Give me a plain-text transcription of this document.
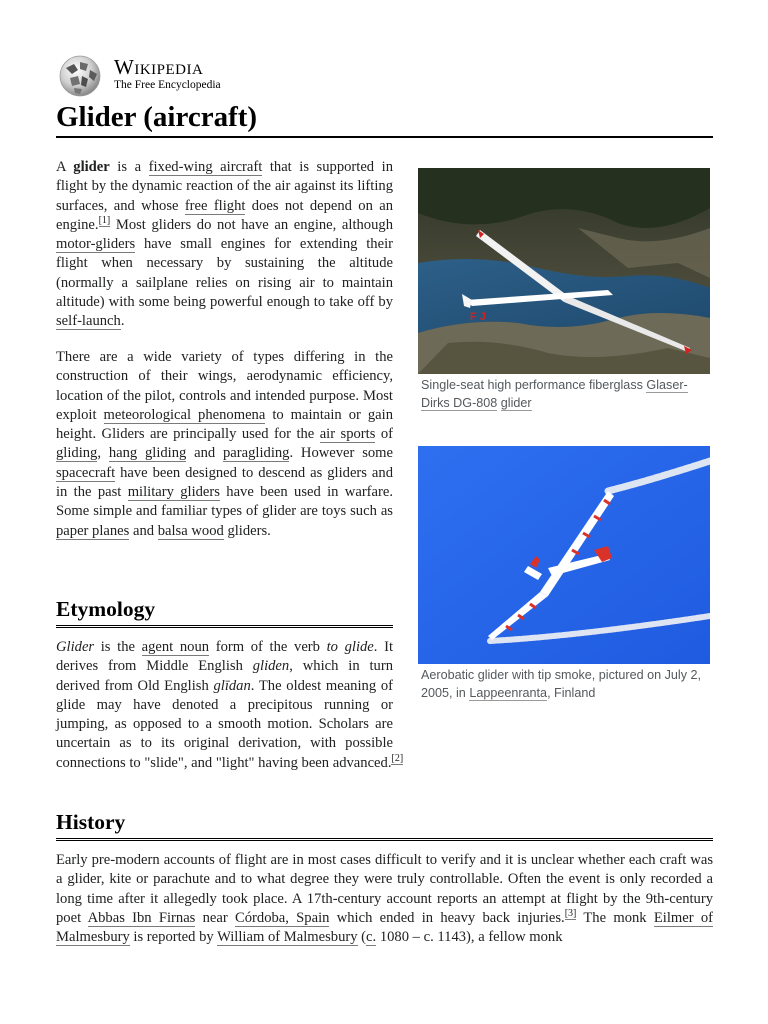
Wikipedia
The Free Encyclopedia
Glider (aircraft)

A glider is a fixed-wing aircraft that is supported in flight by the dynamic reaction of the air against its lifting surfaces, and whose free flight does not depend on an engine.[1] Most gliders do not have an engine, although motor-gliders have small engines for extending their flight when necessary by sustaining the altitude (normally a sailplane relies on rising air to maintain altitude) with some being powerful enough to take off by self-launch.

There are a wide variety of types differing in the construction of their wings, aerodynamic efficiency, location of the pilot, controls and intended purpose. Most exploit meteorological phenomena to maintain or gain height. Gliders are principally used for the air sports of gliding, hang gliding and paragliding. However some spacecraft have been designed to descend as gliders and in the past military gliders have been used in warfare. Some simple and familiar types of glider are toys such as paper planes and balsa wood gliders.

Etymology

Glider is the agent noun form of the verb to glide. It derives from Middle English gliden, which in turn derived from Old English glīdan. The oldest meaning of glide may have denoted a precipitous running or jumping, as opposed to a smooth motion. Scholars are uncertain as to its original derivation, with possible connections to "slide", and "light" having been advanced.[2]

History

Early pre-modern accounts of flight are in most cases difficult to verify and it is unclear whether each craft was a glider, kite or parachute and to what degree they were truly controllable. Often the event is only recorded a long time after it allegedly took place. A 17th-century account reports an attempt at flight by the 9th-century poet Abbas Ibn Firnas near Córdoba, Spain which ended in heavy back injuries.[3] The monk Eilmer of Malmesbury is reported by William of Malmesbury (c. 1080 – c. 1143), a fellow monk

F J
Single-seat high performance fiberglass Glaser-Dirks DG-808 glider
Aerobatic glider with tip smoke, pictured on July 2, 2005, in Lappeenranta, Finland
